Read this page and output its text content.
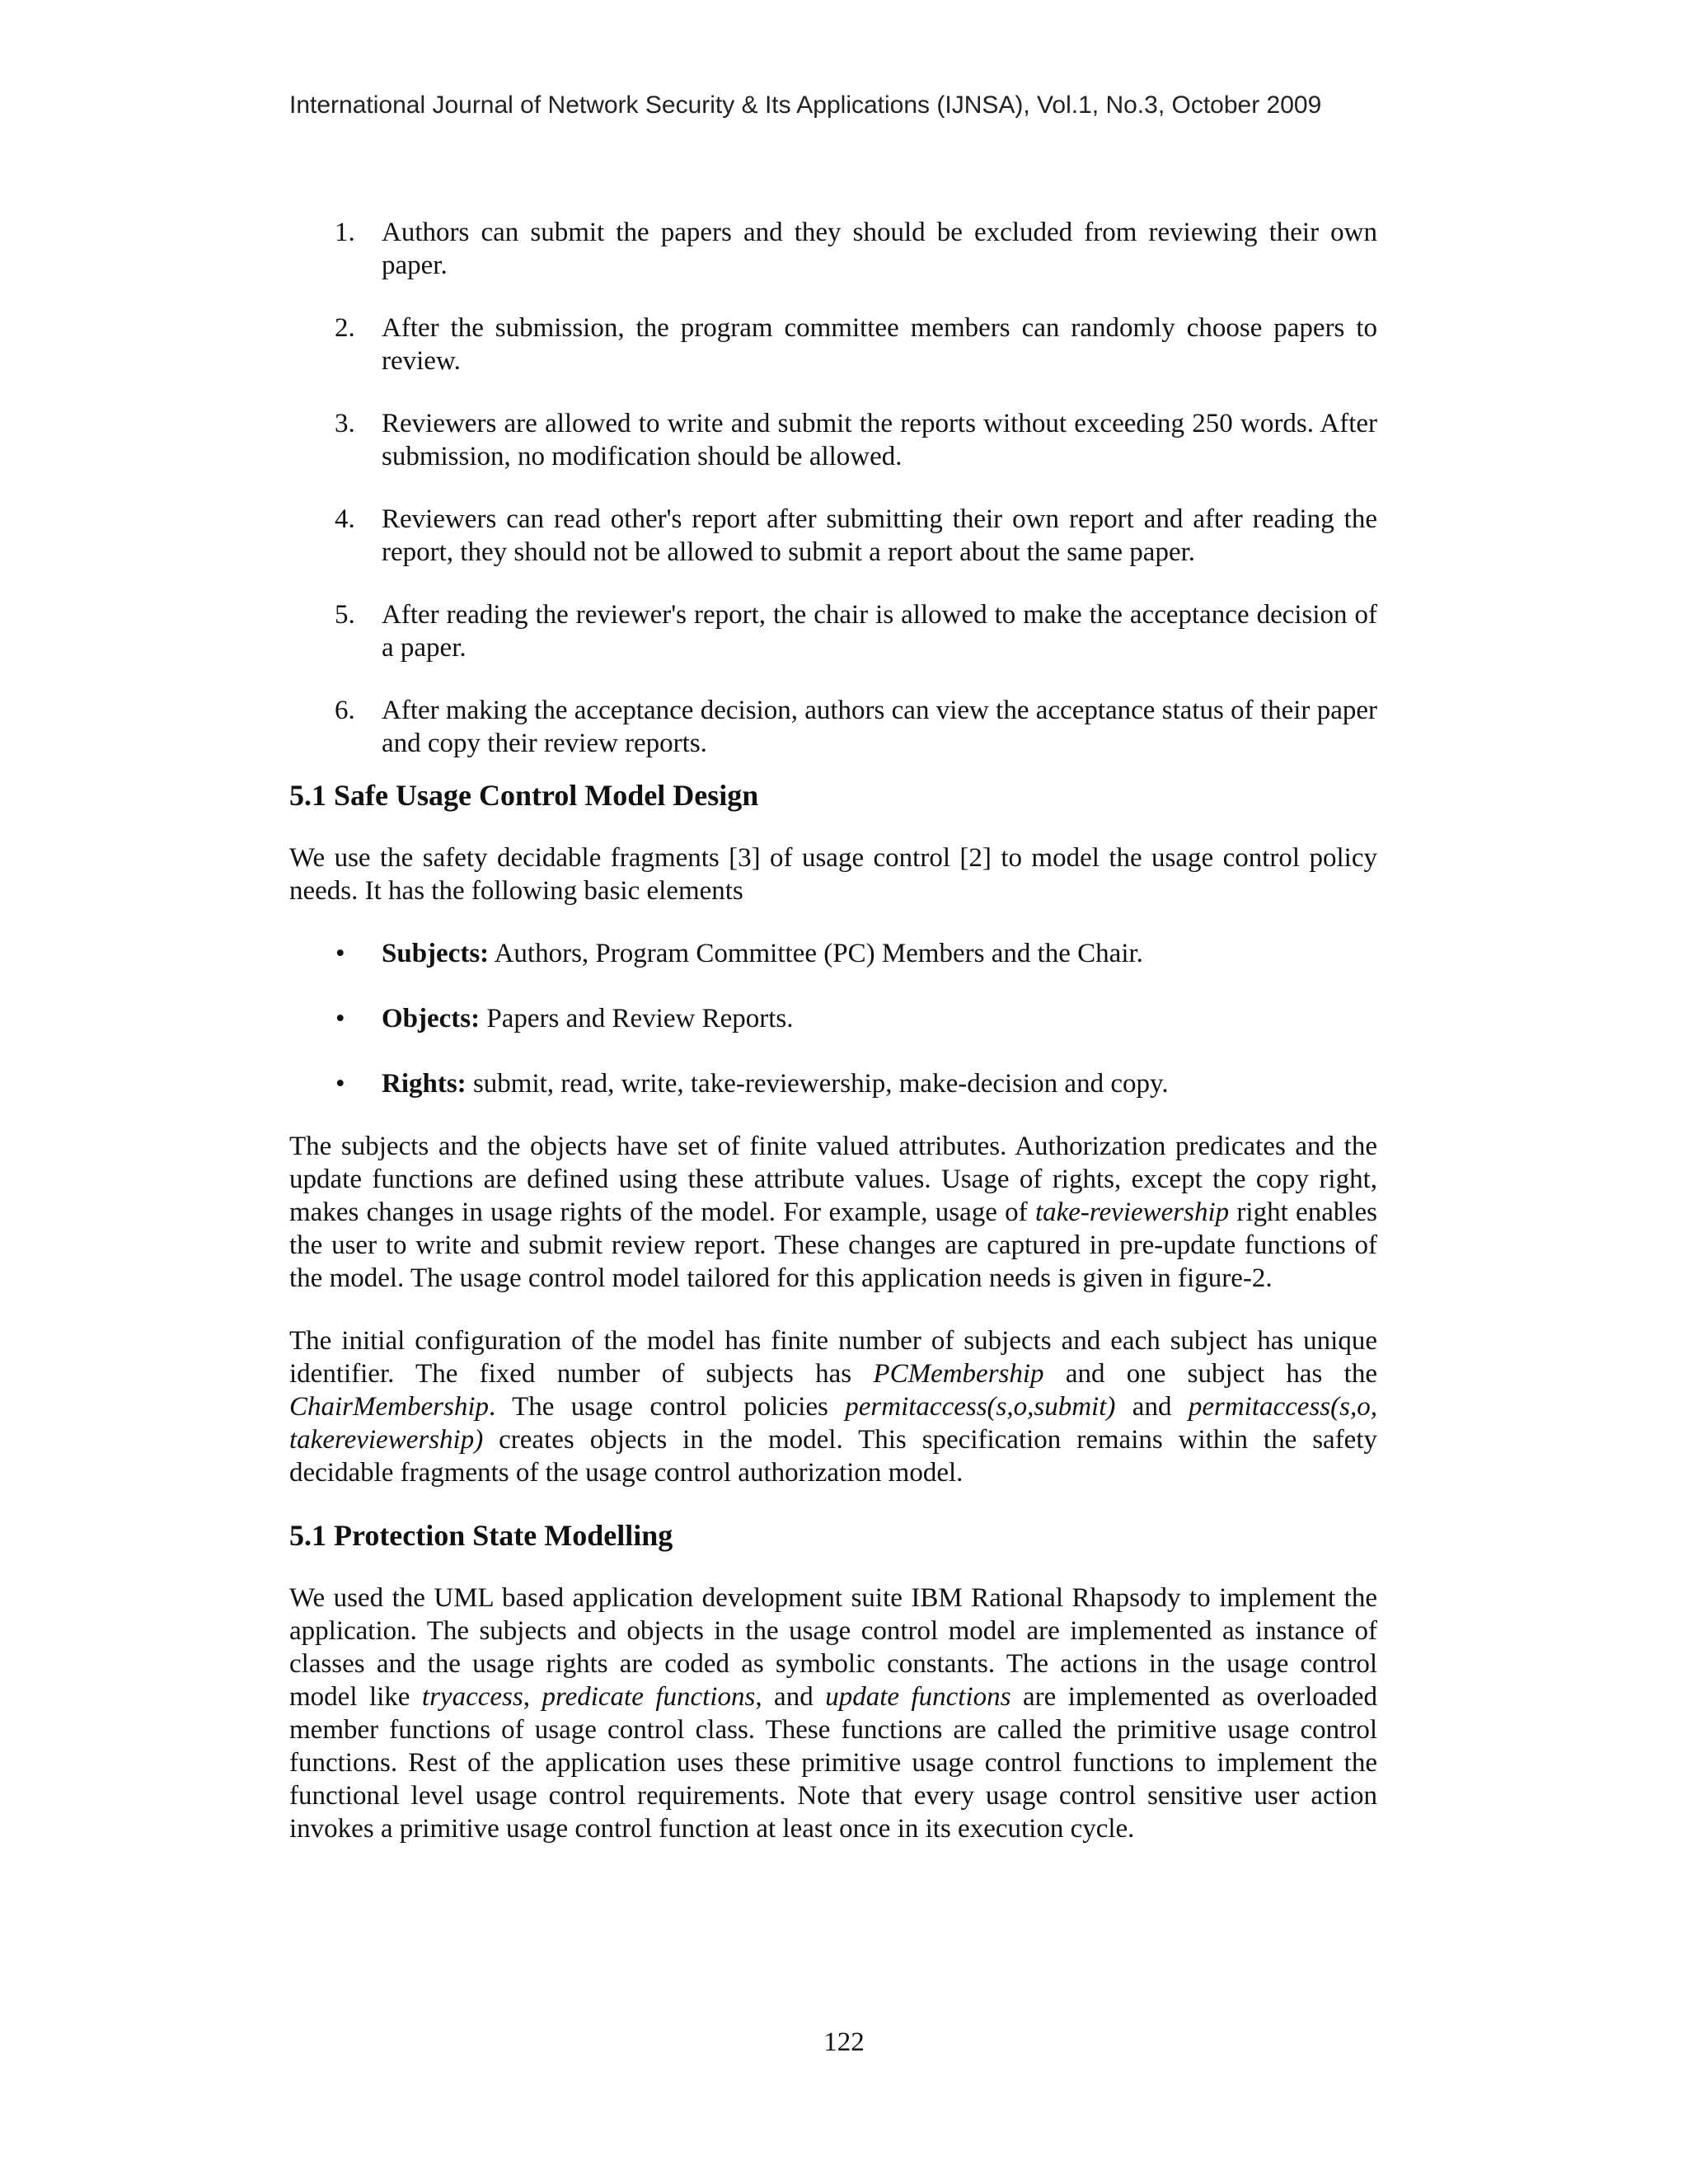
International Journal of Network Security & Its Applications (IJNSA), Vol.1, No.3, October 2009
1. Authors can submit the papers and they should be excluded from reviewing their own paper.
2. After the submission, the program committee members can randomly choose papers to review.
3. Reviewers are allowed to write and submit the reports without exceeding 250 words. After submission, no modification should be allowed.
4. Reviewers can read other's report after submitting their own report and after reading the report, they should not be allowed to submit a report about the same paper.
5. After reading the reviewer's report, the chair is allowed to make the acceptance decision of a paper.
6. After making the acceptance decision, authors can view the acceptance status of their paper and copy their review reports.
5.1 Safe Usage Control Model Design

We use the safety decidable fragments [3] of usage control [2] to model the usage control policy needs. It has the following basic elements

• Subjects: Authors, Program Committee (PC) Members and the Chair.
• Objects: Papers and Review Reports.
• Rights: submit, read, write, take-reviewership, make-decision and copy.

The subjects and the objects have set of finite valued attributes. Authorization predicates and the update functions are defined using these attribute values. Usage of rights, except the copy right, makes changes in usage rights of the model. For example, usage of take-reviewership right enables the user to write and submit review report. These changes are captured in pre-update functions of the model. The usage control model tailored for this application needs is given in figure-2.

The initial configuration of the model has finite number of subjects and each subject has unique identifier. The fixed number of subjects has PCMembership and one subject has the ChairMembership. The usage control policies permitaccess(s,o,submit) and permitaccess(s,o, takereviewership) creates objects in the model. This specification remains within the safety decidable fragments of the usage control authorization model.

5.1 Protection State Modelling

We used the UML based application development suite IBM Rational Rhapsody to implement the application. The subjects and objects in the usage control model are implemented as instance of classes and the usage rights are coded as symbolic constants. The actions in the usage control model like tryaccess, predicate functions, and update functions are implemented as overloaded member functions of usage control class. These functions are called the primitive usage control functions. Rest of the application uses these primitive usage control functions to implement the functional level usage control requirements. Note that every usage control sensitive user action invokes a primitive usage control function at least once in its execution cycle.

122
